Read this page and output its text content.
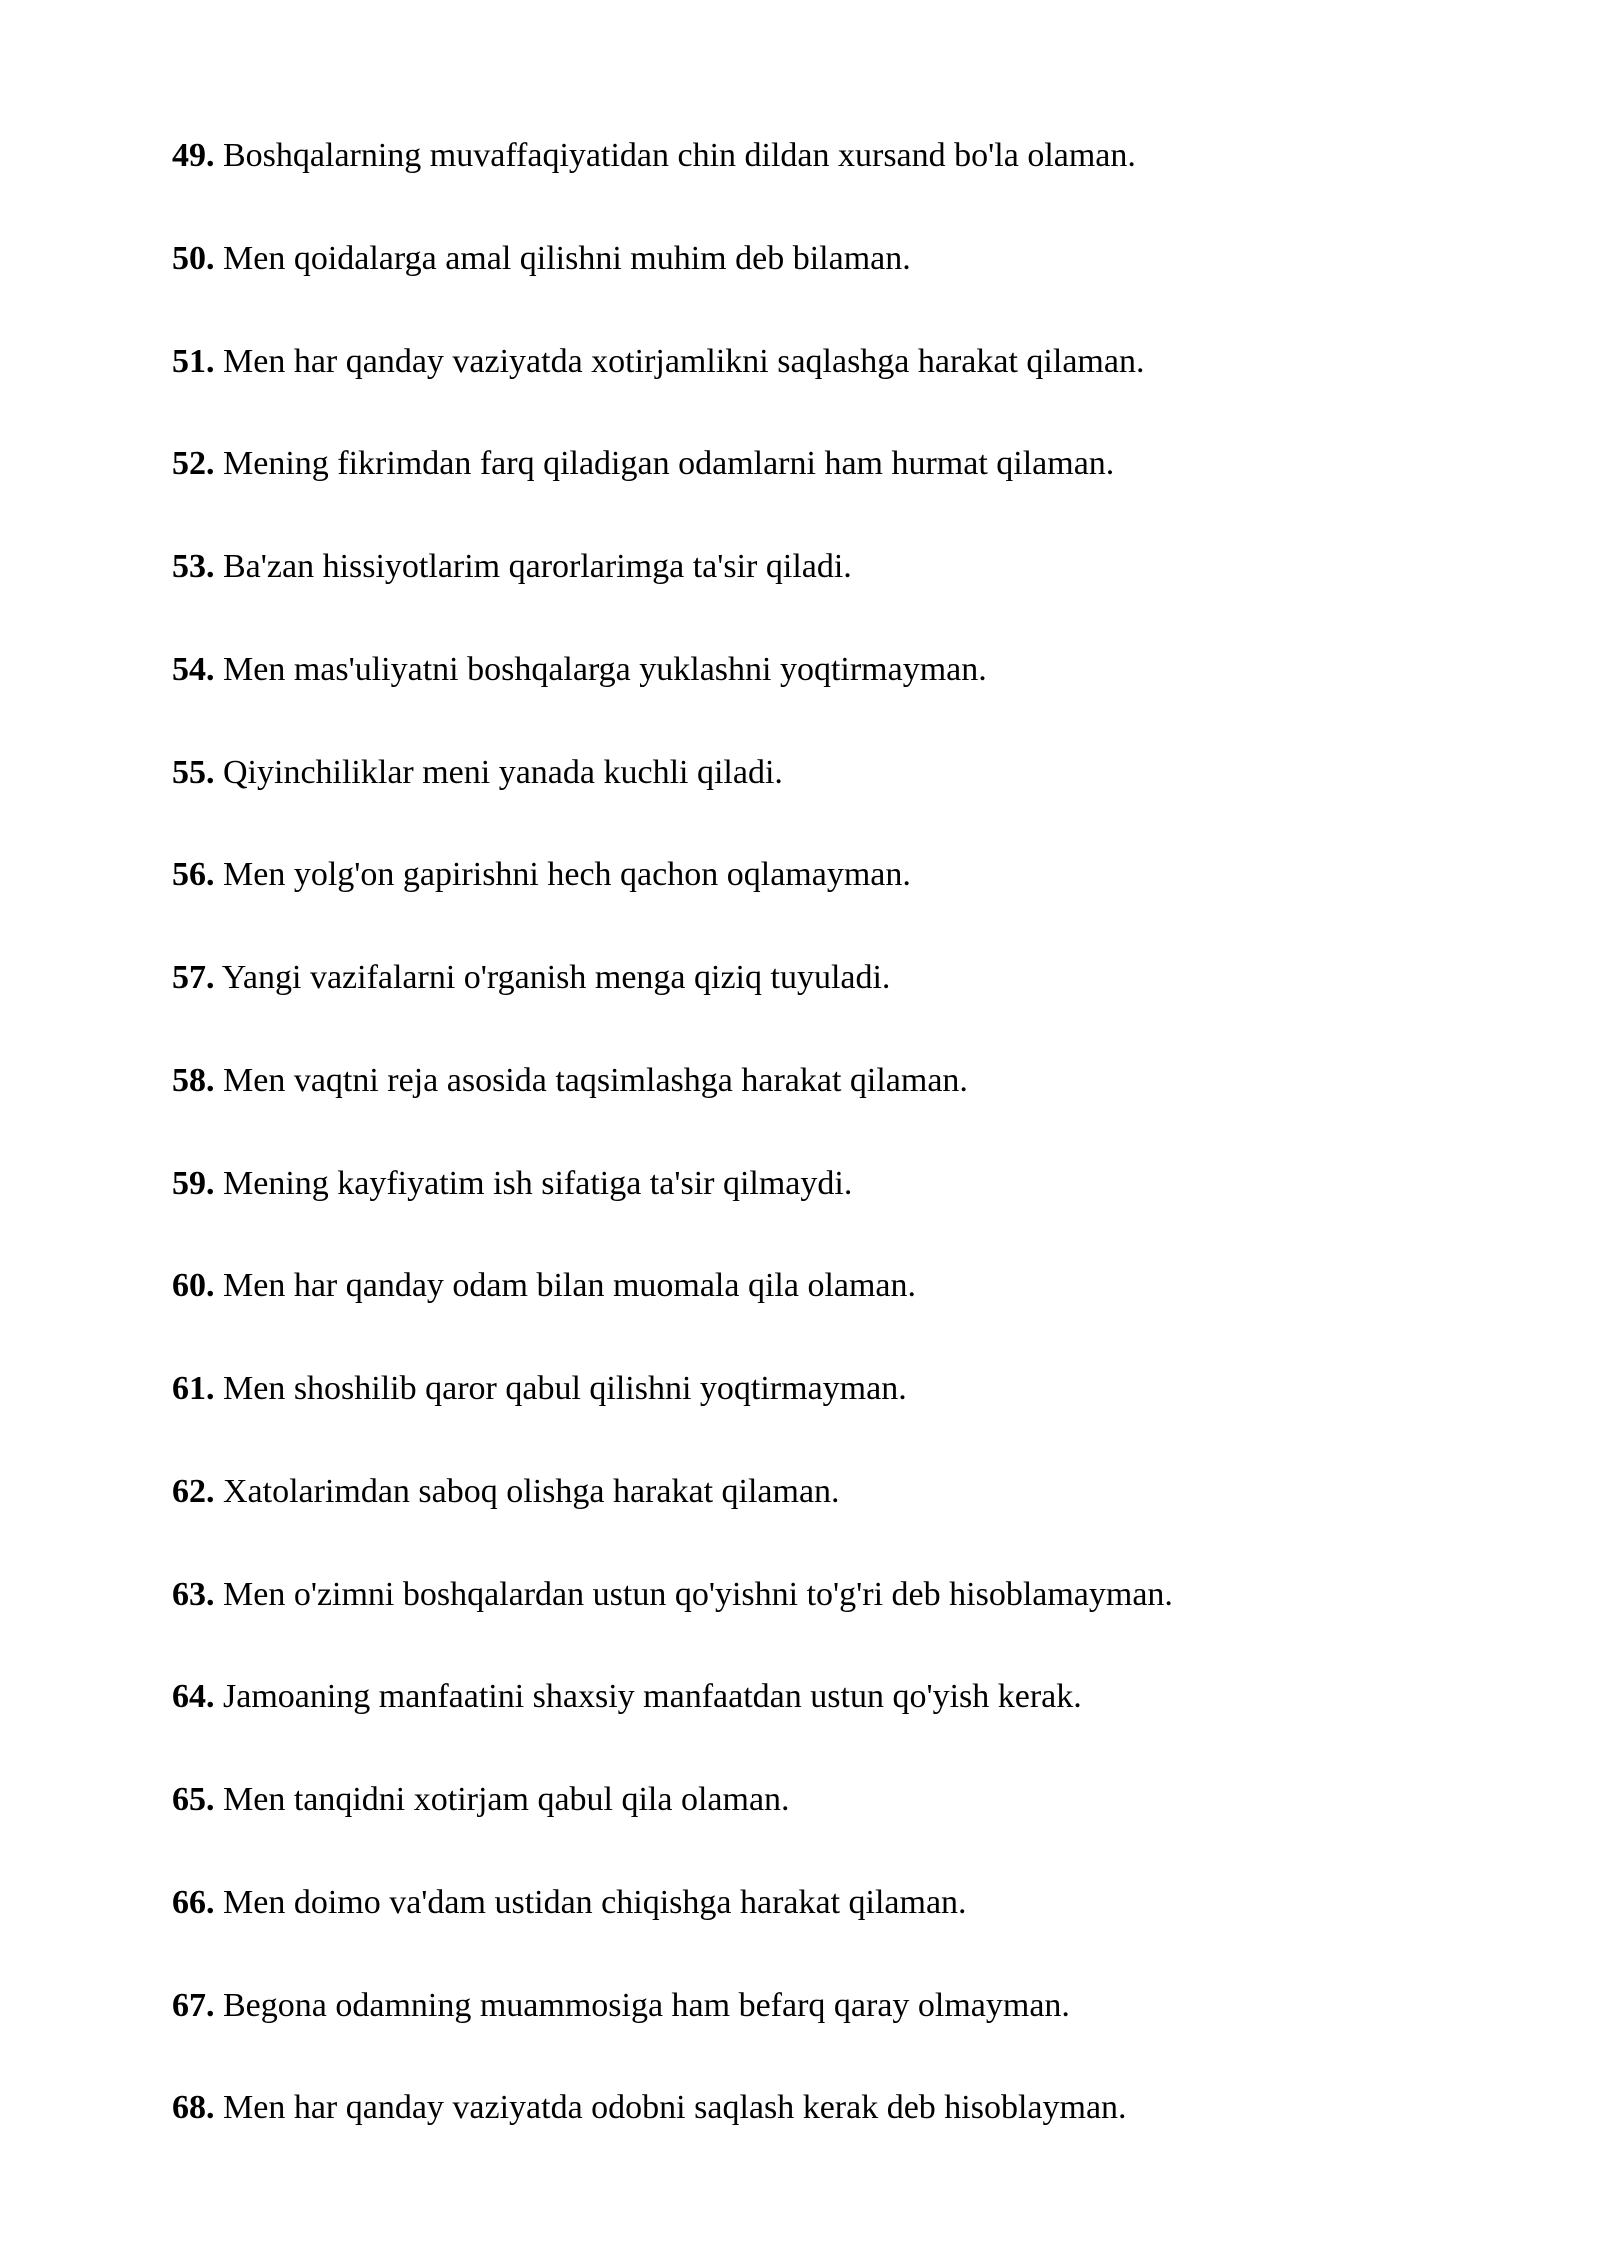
49. Boshqalarning muvaffaqiyatidan chin dildan xursand bo'la olaman.
50. Men qoidalarga amal qilishni muhim deb bilaman.
51. Men har qanday vaziyatda xotirjamlikni saqlashga harakat qilaman.
52. Mening fikrimdan farq qiladigan odamlarni ham hurmat qilaman.
53. Ba'zan hissiyotlarim qarorlarimga ta'sir qiladi.
54. Men mas'uliyatni boshqalarga yuklashni yoqtirmayman.
55. Qiyinchiliklar meni yanada kuchli qiladi.
56. Men yolg'on gapirishni hech qachon oqlamayman.
57. Yangi vazifalarni o'rganish menga qiziq tuyuladi.
58. Men vaqtni reja asosida taqsimlashga harakat qilaman.
59. Mening kayfiyatim ish sifatiga ta'sir qilmaydi.
60. Men har qanday odam bilan muomala qila olaman.
61. Men shoshilib qaror qabul qilishni yoqtirmayman.
62. Xatolarimdan saboq olishga harakat qilaman.
63. Men o'zimni boshqalardan ustun qo'yishni to'g'ri deb hisoblamayman.
64. Jamoaning manfaatini shaxsiy manfaatdan ustun qo'yish kerak.
65. Men tanqidni xotirjam qabul qila olaman.
66. Men doimo va'dam ustidan chiqishga harakat qilaman.
67. Begona odamning muammosiga ham befarq qaray olmayman.
68. Men har qanday vaziyatda odobni saqlash kerak deb hisoblayman.
